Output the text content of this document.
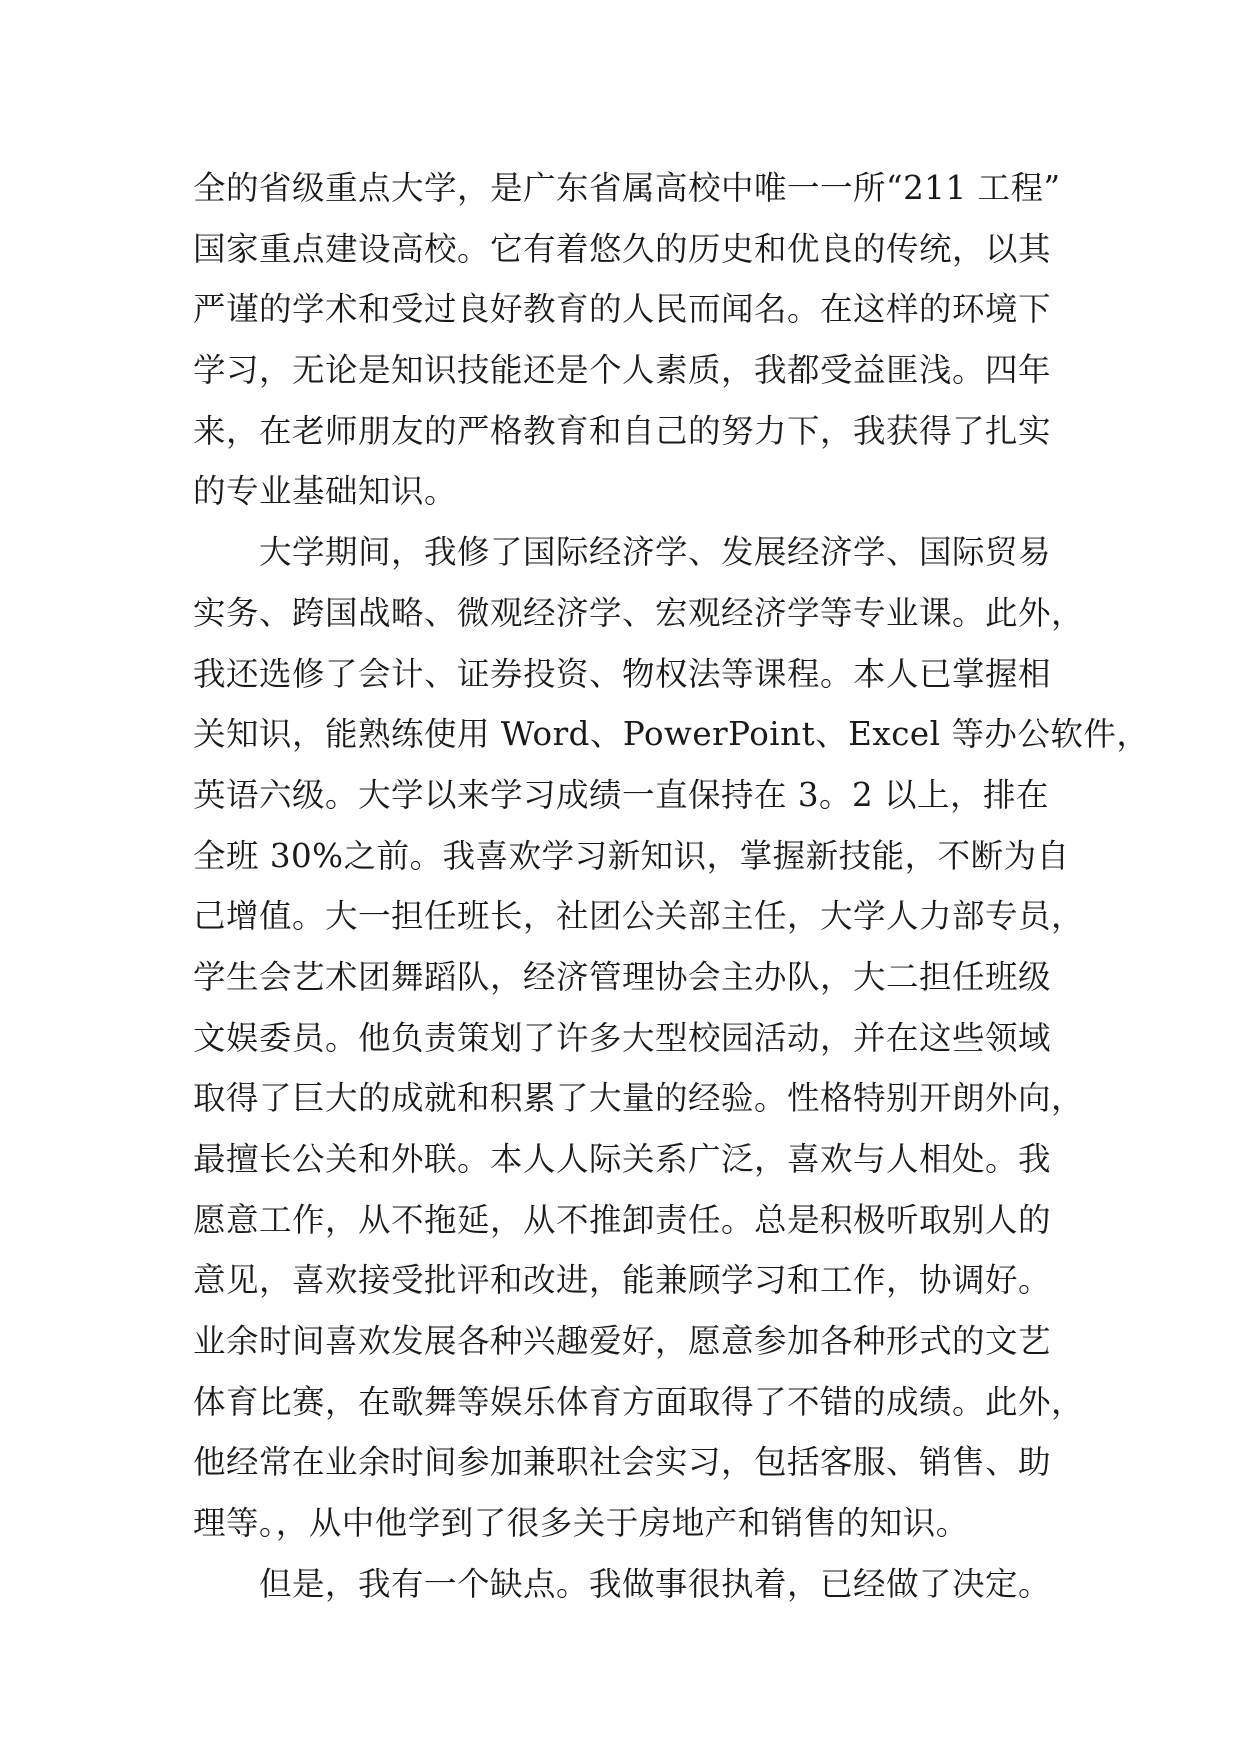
全的省级重点大学，是广东省属高校中唯一一所“211 工程”
国家重点建设高校。它有着悠久的历史和优良的传统，以其
严谨的学术和受过良好教育的人民而闻名。在这样的环境下
学习，无论是知识技能还是个人素质，我都受益匪浅。四年
来，在老师朋友的严格教育和自己的努力下，我获得了扎实
的专业基础知识。
大学期间，我修了国际经济学、发展经济学、国际贸易
实务、跨国战略、微观经济学、宏观经济学等专业课。此外，
我还选修了会计、证券投资、物权法等课程。本人已掌握相
关知识，能熟练使用 Word、PowerPoint、Excel 等办公软件，
英语六级。大学以来学习成绩一直保持在 3。2 以上，排在
全班 30%之前。我喜欢学习新知识，掌握新技能，不断为自
己增值。大一担任班长，社团公关部主任，大学人力部专员，
学生会艺术团舞蹈队，经济管理协会主办队，大二担任班级
文娱委员。他负责策划了许多大型校园活动，并在这些领域
取得了巨大的成就和积累了大量的经验。性格特别开朗外向，
最擅长公关和外联。本人人际关系广泛，喜欢与人相处。我
愿意工作，从不拖延，从不推卸责任。总是积极听取别人的
意见，喜欢接受批评和改进，能兼顾学习和工作，协调好。
业余时间喜欢发展各种兴趣爱好，愿意参加各种形式的文艺
体育比赛，在歌舞等娱乐体育方面取得了不错的成绩。此外，
他经常在业余时间参加兼职社会实习，包括客服、销售、助
理等。，从中他学到了很多关于房地产和销售的知识。
但是，我有一个缺点。我做事很执着，已经做了决定。
